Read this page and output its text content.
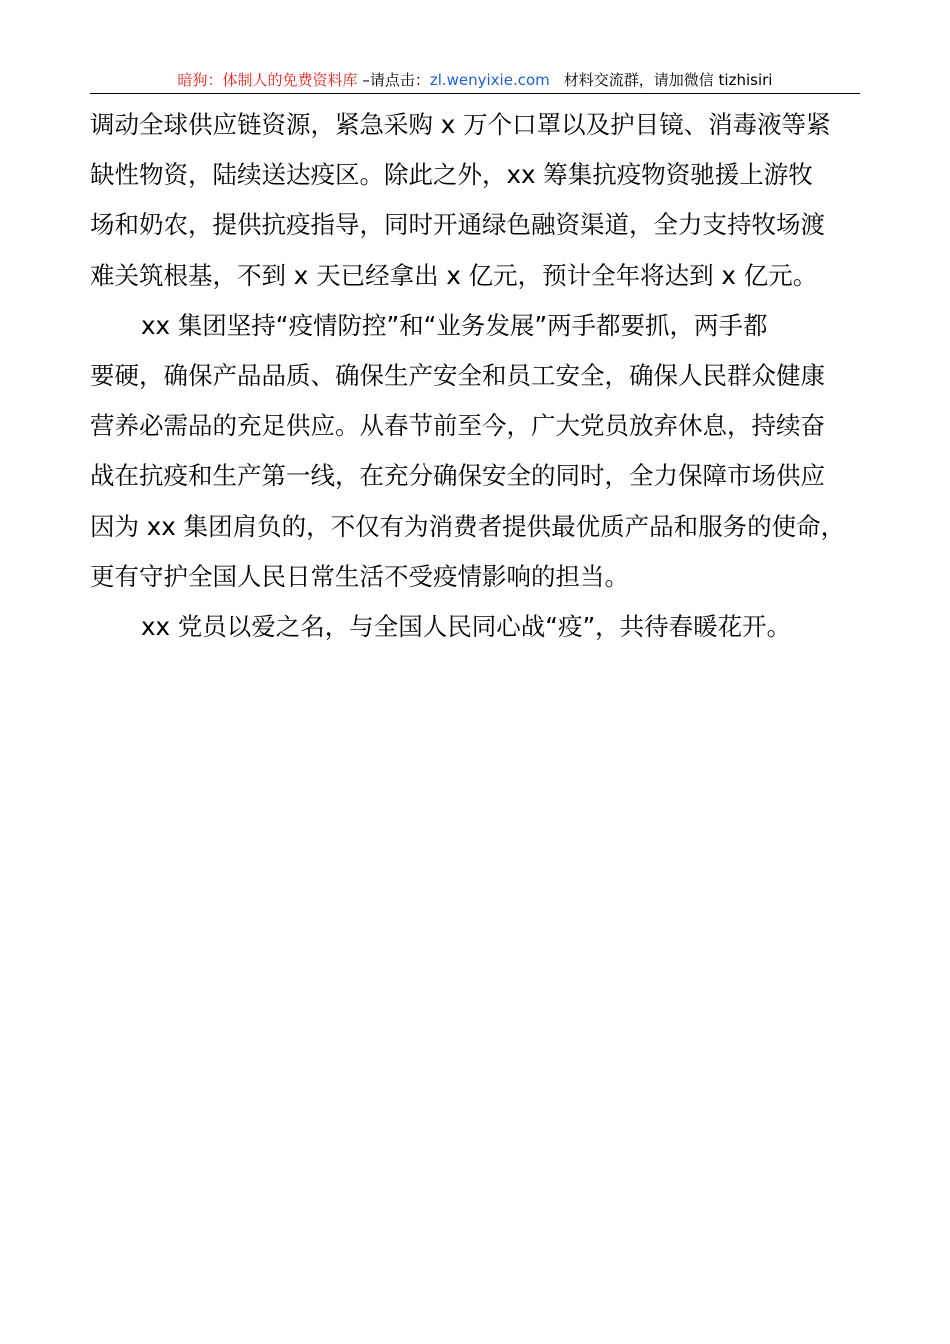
暗狗：体制人的免费资料库 –请点击：zl.wenyixie.com 材料交流群，请加微信 tizhisiri

调动全球供应链资源，紧急采购 x 万个口罩以及护目镜、消毒液等紧
缺性物资，陆续送达疫区。除此之外，xx 筹集抗疫物资驰援上游牧
场和奶农，提供抗疫指导，同时开通绿色融资渠道，全力支持牧场渡
难关筑根基，不到 x 天已经拿出 x 亿元，预计全年将达到 x 亿元。

xx 集团坚持“疫情防控”和“业务发展”两手都要抓，两手都
要硬，确保产品品质、确保生产安全和员工安全，确保人民群众健康
营养必需品的充足供应。从春节前至今，广大党员放弃休息，持续奋
战在抗疫和生产第一线，在充分确保安全的同时，全力保障市场供应
因为 xx 集团肩负的，不仅有为消费者提供最优质产品和服务的使命，
更有守护全国人民日常生活不受疫情影响的担当。

xx 党员以爱之名，与全国人民同心战“疫”，共待春暖花开。
